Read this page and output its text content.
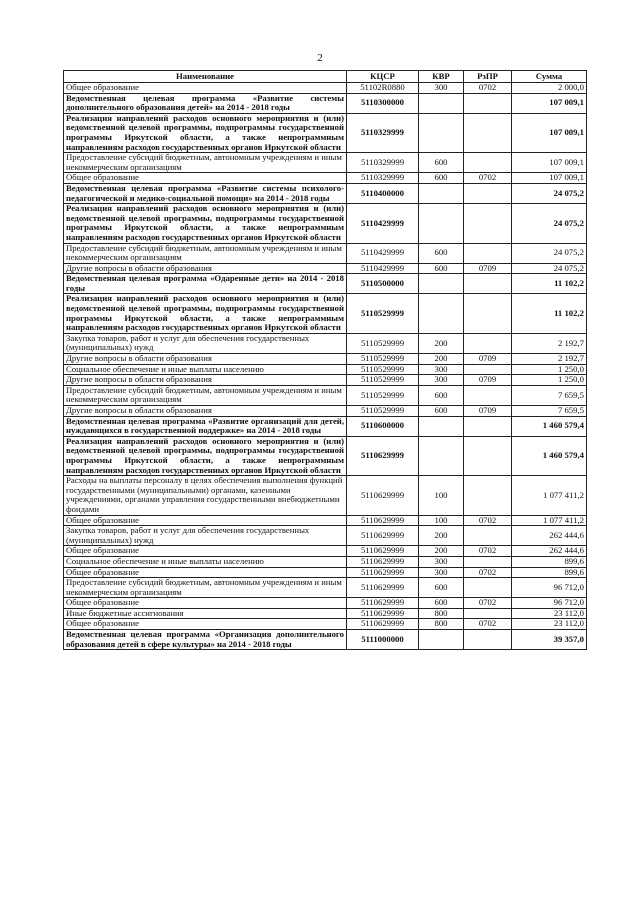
2
Наименование	КЦСР	КВР	РзПР	Сумма
Общее образование	51102R0880	300	0702	2 000,0
Ведомственная целевая программа «Развитие системы дополнительного образования детей» на 2014 - 2018 годы	5110300000			107 009,1
Реализация направлений расходов основного мероприятия и (или) ведомственной целевой программы, подпрограммы государственной программы Иркутской области, а также непрограммным направлениям расходов государственных органов Иркутской области	5110329999			107 009,1
Предоставление субсидий бюджетным, автономным учреждениям и иным некоммерческим организациям	5110329999	600		107 009,1
Общее образование	5110329999	600	0702	107 009,1
Ведомственная целевая программа «Развитие системы психолого-педагогической и медико-социальной помощи» на 2014 - 2018 годы	5110400000			24 075,2
Реализация направлений расходов основного мероприятия и (или) ведомственной целевой программы, подпрограммы государственной программы Иркутской области, а также непрограммным направлениям расходов государственных органов Иркутской области	5110429999			24 075,2
Предоставление субсидий бюджетным, автономным учреждениям и иным некоммерческим организациям	5110429999	600		24 075,2
Другие вопросы в области образования	5110429999	600	0709	24 075,2
Ведомственная целевая программа «Одаренные дети» на 2014 - 2018 годы	5110500000			11 102,2
Реализация направлений расходов основного мероприятия и (или) ведомственной целевой программы, подпрограммы государственной программы Иркутской области, а также непрограммным направлениям расходов государственных органов Иркутской области	5110529999			11 102,2
Закупка товаров, работ и услуг для обеспечения государственных (муниципальных) нужд	5110529999	200		2 192,7
Другие вопросы в области образования	5110529999	200	0709	2 192,7
Социальное обеспечение и иные выплаты населению	5110529999	300		1 250,0
Другие вопросы в области образования	5110529999	300	0709	1 250,0
Предоставление субсидий бюджетным, автономным учреждениям и иным некоммерческим организациям	5110529999	600		7 659,5
Другие вопросы в области образования	5110529999	600	0709	7 659,5
Ведомственная целевая программа «Развитие организаций для детей, нуждающихся в государственной поддержке» на 2014 - 2018 годы	5110600000			1 460 579,4
Реализация направлений расходов основного мероприятия и (или) ведомственной целевой программы, подпрограммы государственной программы Иркутской области, а также непрограммным направлениям расходов государственных органов Иркутской области	5110629999			1 460 579,4
Расходы на выплаты персоналу в целях обеспечения выполнения функций государственными (муниципальными) органами, казенными учреждениями, органами управления государственными внебюджетными фондами	5110629999	100		1 077 411,2
Общее образование	5110629999	100	0702	1 077 411,2
Закупка товаров, работ и услуг для обеспечения государственных (муниципальных) нужд	5110629999	200		262 444,6
Общее образование	5110629999	200	0702	262 444,6
Социальное обеспечение и иные выплаты населению	5110629999	300		899,6
Общее образование	5110629999	300	0702	899,6
Предоставление субсидий бюджетным, автономным учреждениям и иным некоммерческим организациям	5110629999	600		96 712,0
Общее образование	5110629999	600	0702	96 712,0
Иные бюджетные ассигнования	5110629999	800		23 112,0
Общее образование	5110629999	800	0702	23 112,0
Ведомственная целевая программа «Организация дополнительного образования детей в сфере культуры» на 2014 - 2018 годы	5111000000			39 357,0
